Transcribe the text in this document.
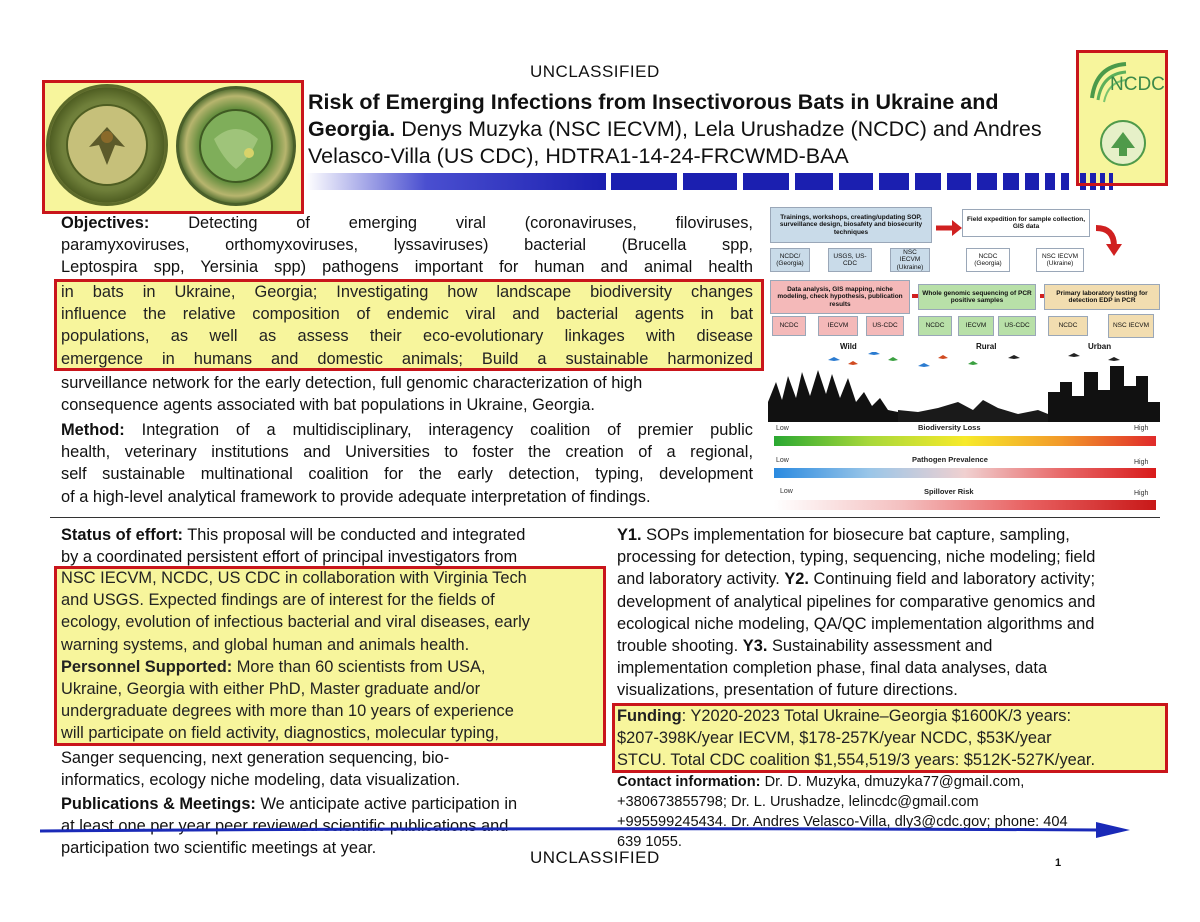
UNCLASSIFIED
Risk of Emerging Infections from Insectivorous Bats in Ukraine and Georgia. Denys Muzyka (NSC IECVM), Lela Urushadze (NCDC) and Andres Velasco-Villa (US CDC), HDTRA1-14-24-FRCWMD-BAA
NCDC

Objectives: Detecting of emerging viral (coronaviruses, filoviruses,

paramyxoviruses, orthomyxoviruses, lyssaviruses) bacterial (Brucella spp,

Leptospira spp, Yersinia spp) pathogens important for human and animal health

in bats in Ukraine, Georgia; Investigating how landscape biodiversity changes

influence the relative composition of endemic viral and bacterial agents in bat

populations, as well as assess their eco-evolutionary linkages with disease

emergence in humans and domestic animals; Build a sustainable harmonized

surveillance network for the early detection, full genomic characterization of high

consequence agents associated with bat populations in Ukraine, Georgia.

Method: Integration of a multidisciplinary, interagency coalition of premier public

health, veterinary institutions and Universities to foster the creation of a regional,

self sustainable multinational coalition for the early detection, typing, development

of a high-level analytical framework to provide adequate interpretation of findings.

Trainings, workshops, creating/updating SOP, surveillance design, biosafety and biosecurity techniques
Field expedition for sample collection, GIS data
NCDC/ (Georgia)
USGS, US-CDC
NSC IECVM (Ukraine)
NCDC (Georgia)
NSC IECVM (Ukraine)
Data analysis, GIS mapping, niche modeling, check hypothesis, publication results
Whole genomic sequencing of PCR positive samples
Primary laboratory testing for detection EDP in PCR
NCDC	IECVM	US-CDC	NCDC	IECVM	US-CDC	NCDC	NSC IECVM
Wild	Rural	Urban
Low	Biodiversity Loss	High
Low	Pathogen Prevalence	High
Low	Spillover Risk	High

Status of effort: This proposal will be conducted and integrated

by a coordinated persistent effort of principal investigators from

NSC IECVM, NCDC, US CDC in collaboration with Virginia Tech

and USGS. Expected findings are of interest for the fields of

ecology, evolution of infectious bacterial and viral diseases, early

warning systems, and global human and animals health.

Personnel Supported: More than 60 scientists from USA,

Ukraine, Georgia with either PhD, Master graduate and/or

undergraduate degrees with more than 10 years of experience

will participate on field activity, diagnostics, molecular typing,

Sanger sequencing, next generation sequencing, bio-

informatics, ecology niche modeling, data visualization.

Publications & Meetings: We anticipate active participation in

at least one per year peer reviewed scientific publications and

participation two scientific meetings at year.

Y1. SOPs implementation for biosecure bat capture, sampling,

processing for detection, typing, sequencing, niche modeling; field

and laboratory activity. Y2. Continuing field and laboratory activity;

development of analytical pipelines for comparative genomics and

ecological niche modeling, QA/QC implementation algorithms and

trouble shooting. Y3. Sustainability assessment and

implementation completion phase, final data analyses, data

visualizations, presentation of future directions.

Funding: Y2020-2023 Total Ukraine–Georgia $1600K/3 years:

$207-398K/year IECVM, $178-257K/year NCDC, $53K/year

STCU. Total CDC coalition $1,554,519/3 years: $512K-527K/year.

Contact information: Dr. D. Muzyka, dmuzyka77@gmail.com,

+380673855798; Dr. L. Urushadze, lelincdc@gmail.com

+995599245434. Dr. Andres Velasco-Villa, dly3@cdc.gov; phone: 404

639 1055.

UNCLASSIFIED	1
